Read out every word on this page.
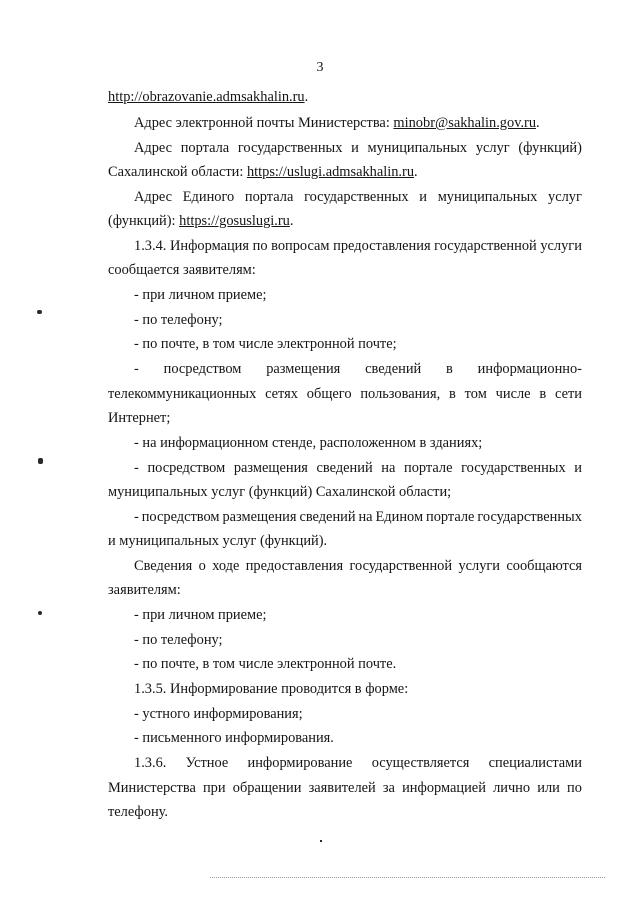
3
http://obrazovanie.admsakhalin.ru.
Адрес электронной почты Министерства: minobr@sakhalin.gov.ru.
Адрес портала государственных и муниципальных услуг (функций)
Сахалинской области: https://uslugi.admsakhalin.ru.
Адрес Единого портала государственных и муниципальных услуг
(функций): https://gosuslugi.ru.
1.3.4. Информация по вопросам предоставления государственной услуги
сообщается заявителям:
- при личном приеме;
- по телефону;
- по почте, в том числе электронной почте;
- посредством размещения сведений в информационно-
телекоммуникационных сетях общего пользования, в том числе в сети
Интернет;
- на информационном стенде, расположенном в зданиях;
- посредством размещения сведений на портале государственных и
муниципальных услуг (функций) Сахалинской области;
- посредством размещения сведений на Едином портале государственных
и муниципальных услуг (функций).
Сведения о ходе предоставления государственной услуги сообщаются
заявителям:
- при личном приеме;
- по телефону;
- по почте, в том числе электронной почте.
1.3.5. Информирование проводится в форме:
- устного информирования;
- письменного информирования.
1.3.6. Устное информирование осуществляется специалистами
Министерства при обращении заявителей за информацией лично или по
телефону.
